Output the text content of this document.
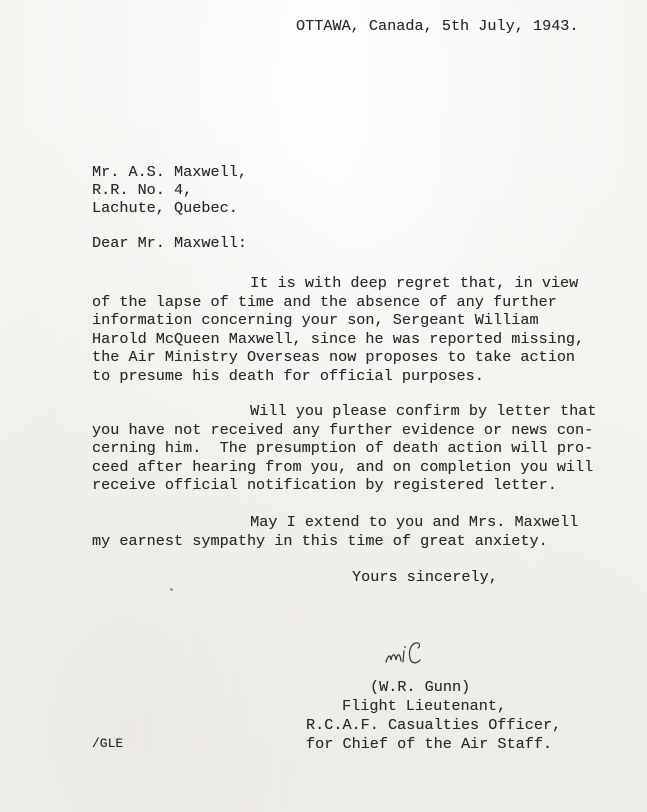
OTTAWA, Canada, 5th July, 1943.
Mr. A.S. Maxwell,
R.R. No. 4,
Lachute, Quebec.
Dear Mr. Maxwell:
It is with deep regret that, in view
of the lapse of time and the absence of any further
information concerning your son, Sergeant William
Harold McQueen Maxwell, since he was reported missing,
the Air Ministry Overseas now proposes to take action
to presume his death for official purposes.
Will you please confirm by letter that
you have not received any further evidence or news con-
cerning him.  The presumption of death action will pro-
ceed after hearing from you, and on completion you will
receive official notification by registered letter.
May I extend to you and Mrs. Maxwell
my earnest sympathy in this time of great anxiety.
Yours sincerely,
(W.R. Gunn)
Flight Lieutenant,
R.C.A.F. Casualties Officer,
for Chief of the Air Staff.
/GLE
